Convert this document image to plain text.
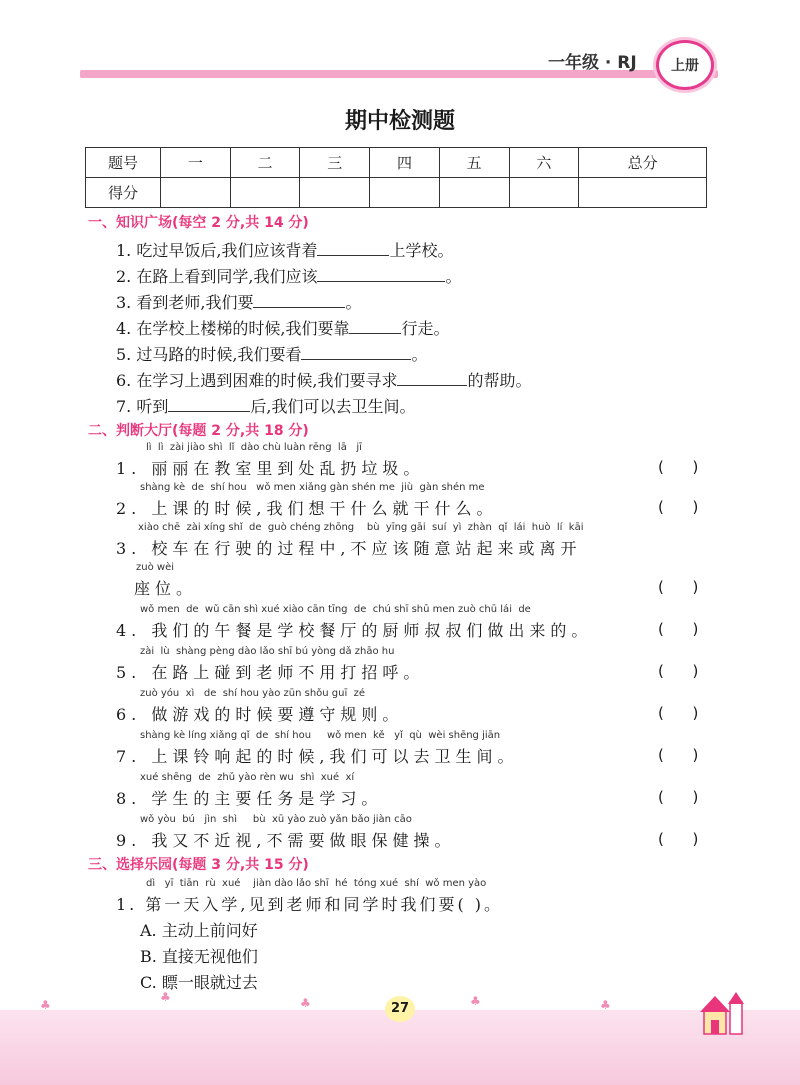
一年级 · RJ	上册
期中检测题
题号	一	二	三	四	五	六	总分
得分							
一、知识广场(每空 2 分,共 14 分)
1. 吃过早饭后,我们应该背着	上学校。
2. 在路上看到同学,我们应该	。
3. 看到老师,我们要	。
4. 在学校上楼梯的时候,我们要靠	行走。
5. 过马路的时候,我们要看	。
6. 在学习上遇到困难的时候,我们要寻求	的帮助。
7. 听到	后,我们可以去卫生间。
二、判断大厅(每题 2 分,共 18 分)
lì  lì  zài jiào shì  lǐ  dào chù luàn rēng  lā   jī
1. 丽丽在教室里到处乱扔垃圾。	(      )
shàng kè  de  shí hou   wǒ men xiǎng gàn shén me  jiù  gàn shén me
2. 上课的时候,我们想干什么就干什么。	(      )
xiào chē  zài xíng shǐ  de  guò chéng zhōng    bù  yīng gāi  suí  yì  zhàn  qǐ  lái  huò  lí  kāi
3. 校车在行驶的过程中,不应该随意站起来或离开
zuò wèi
座位。	(      )
wǒ men  de  wǔ cān shì xué xiào cān tīng  de  chú shī shū men zuò chū lái  de
4. 我们的午餐是学校餐厅的厨师叔叔们做出来的。	(      )
zài  lù  shàng pèng dào lǎo shī bú yòng dǎ zhāo hu
5. 在路上碰到老师不用打招呼。	(      )
zuò yóu  xì   de  shí hou yào zūn shǒu guī  zé
6. 做游戏的时候要遵守规则。	(      )
shàng kè líng xiǎng qǐ  de  shí hou     wǒ men  kě   yǐ  qù  wèi shēng jiān
7. 上课铃响起的时候,我们可以去卫生间。	(      )
xué shēng  de  zhǔ yào rèn wu  shì  xué  xí
8. 学生的主要任务是学习。	(      )
wǒ yòu  bú   jìn  shì     bù  xū yào zuò yǎn bǎo jiàn cāo
9. 我又不近视,不需要做眼保健操。	(      )
三、选择乐园(每题 3 分,共 15 分)
dì   yī  tiān  rù  xué    jiàn dào lǎo shī  hé  tóng xué  shí  wǒ men yào
1. 第一天入学,见到老师和同学时我们要( )。
A. 主动上前问好
B. 直接无视他们
C. 瞟一眼就过去
♣
♣	♣	♣	♣
27
